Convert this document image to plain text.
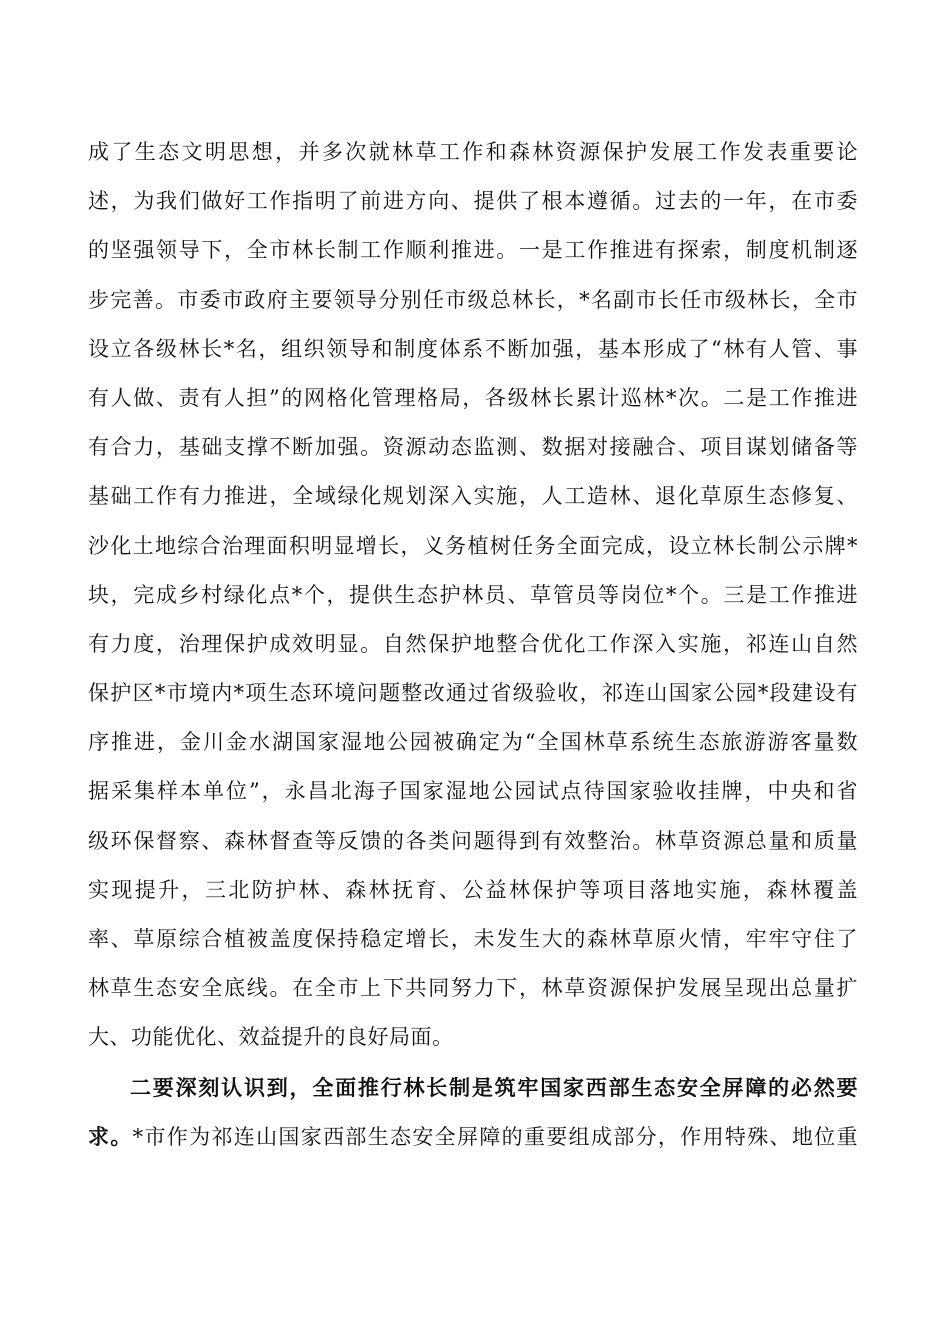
成了生态文明思想，并多次就林草工作和森林资源保护发展工作发表重要论
述，为我们做好工作指明了前进方向、提供了根本遵循。过去的一年，在市委
的坚强领导下，全市林长制工作顺利推进。一是工作推进有探索，制度机制逐
步完善。市委市政府主要领导分别任市级总林长，*名副市长任市级林长，全市
设立各级林长*名，组织领导和制度体系不断加强，基本形成了“林有人管、事
有人做、责有人担”的网格化管理格局，各级林长累计巡林*次。二是工作推进
有合力，基础支撑不断加强。资源动态监测、数据对接融合、项目谋划储备等
基础工作有力推进，全域绿化规划深入实施，人工造林、退化草原生态修复、
沙化土地综合治理面积明显增长，义务植树任务全面完成，设立林长制公示牌*
块，完成乡村绿化点*个，提供生态护林员、草管员等岗位*个。三是工作推进
有力度，治理保护成效明显。自然保护地整合优化工作深入实施，祁连山自然
保护区*市境内*项生态环境问题整改通过省级验收，祁连山国家公园*段建设有
序推进，金川金水湖国家湿地公园被确定为“全国林草系统生态旅游游客量数
据采集样本单位”，永昌北海子国家湿地公园试点待国家验收挂牌，中央和省
级环保督察、森林督查等反馈的各类问题得到有效整治。林草资源总量和质量
实现提升，三北防护林、森林抚育、公益林保护等项目落地实施，森林覆盖
率、草原综合植被盖度保持稳定增长，未发生大的森林草原火情，牢牢守住了
林草生态安全底线。在全市上下共同努力下，林草资源保护发展呈现出总量扩
大、功能优化、效益提升的良好局面。
二要深刻认识到，全面推行林长制是筑牢国家西部生态安全屏障的必然要
求。*市作为祁连山国家西部生态安全屏障的重要组成部分，作用特殊、地位重
